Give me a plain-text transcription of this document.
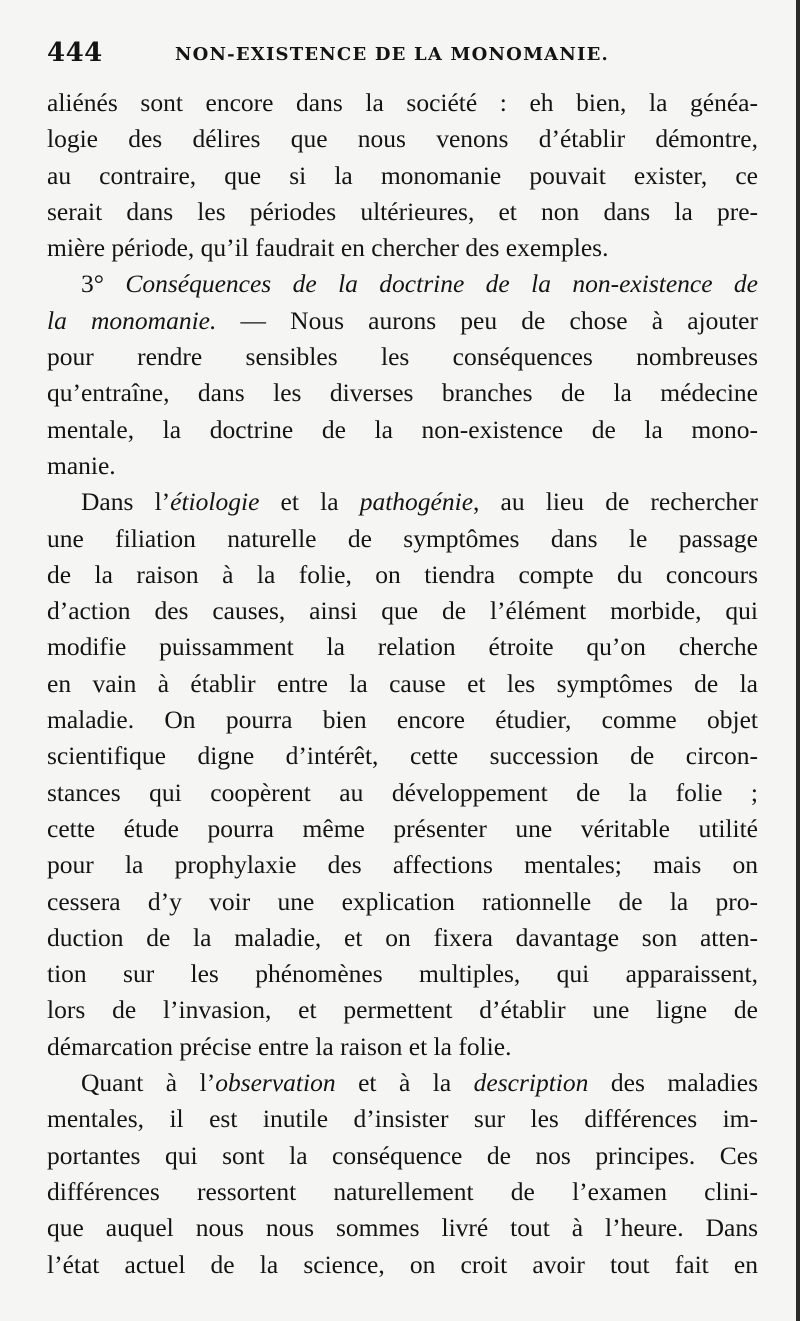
444	NON-EXISTENCE DE LA MONOMANIE.
aliénés sont encore dans la société : eh bien, la généa-
logie des délires que nous venons d’établir démontre,
au contraire, que si la monomanie pouvait exister, ce
serait dans les périodes ultérieures, et non dans la pre-
mière période, qu’il faudrait en chercher des exemples.
3° Conséquences de la doctrine de la non-existence de
la monomanie. — Nous aurons peu de chose à ajouter
pour rendre sensibles les conséquences nombreuses
qu’entraîne, dans les diverses branches de la médecine
mentale, la doctrine de la non-existence de la mono-
manie.
Dans l’étiologie et la pathogénie, au lieu de rechercher
une filiation naturelle de symptômes dans le passage
de la raison à la folie, on tiendra compte du concours
d’action des causes, ainsi que de l’élément morbide, qui
modifie puissamment la relation étroite qu’on cherche
en vain à établir entre la cause et les symptômes de la
maladie. On pourra bien encore étudier, comme objet
scientifique digne d’intérêt, cette succession de circon-
stances qui coopèrent au développement de la folie ;
cette étude pourra même présenter une véritable utilité
pour la prophylaxie des affections mentales; mais on
cessera d’y voir une explication rationnelle de la pro-
duction de la maladie, et on fixera davantage son atten-
tion sur les phénomènes multiples, qui apparaissent,
lors de l’invasion, et permettent d’établir une ligne de
démarcation précise entre la raison et la folie.
Quant à l’observation et à la description des maladies
mentales, il est inutile d’insister sur les différences im-
portantes qui sont la conséquence de nos principes. Ces
différences ressortent naturellement de l’examen clini-
que auquel nous nous sommes livré tout à l’heure. Dans
l’état actuel de la science, on croit avoir tout fait en
